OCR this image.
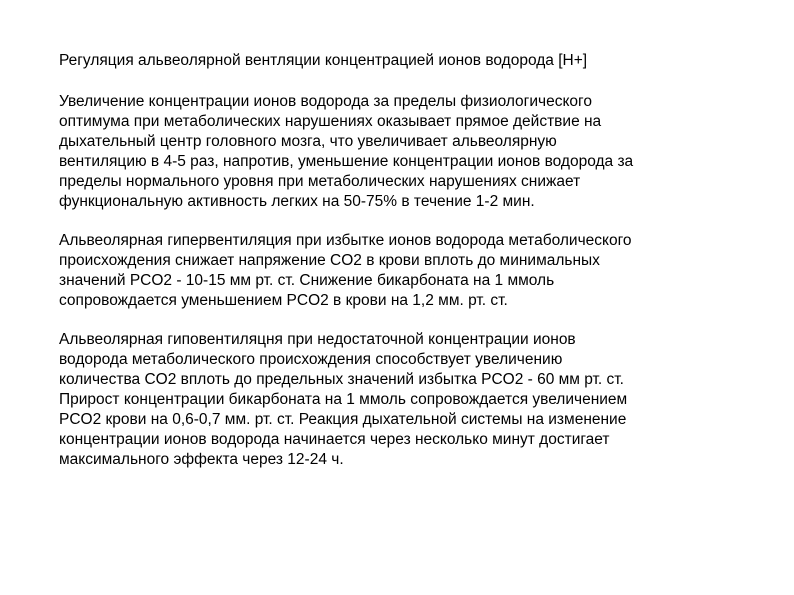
Регуляция альвеолярной вентляции концентрацией ионов водорода [H+]

Увеличение концентрации ионов водорода за пределы физиологического
оптимума при метаболических нарушениях оказывает прямое действие на
дыхательный центр головного мозга, что увеличивает альвеолярную
вентиляцию в 4-5 раз, напротив, уменьшение концентрации ионов водорода за
пределы нормального уровня при метаболических нарушениях снижает
функциональную активность легких на 50-75% в течение 1-2 мин.

Альвеолярная гипервентиляция при избытке ионов водорода метаболического
происхождения снижает напряжение CO2 в крови вплоть до минимальных
значений PCO2 - 10-15 мм рт. ст. Снижение бикарбоната на 1 ммоль
сопровождается уменьшением PCO2 в крови на 1,2 мм. рт. ст.

Альвеолярная гиповентиляцня при недостаточной концентрации ионов
водорода метаболического происхождения способствует увеличению
количества CO2 вплоть до предельных значений избытка PCO2 - 60 мм рт. ст.
Прирост концентрации бикарбоната на 1 ммоль сопровождается увеличением
PCO2 крови на 0,6-0,7 мм. рт. ст. Реакция дыхательной системы на изменение
концентрации ионов водорода начинается через несколько минут достигает
максимального эффекта через 12-24 ч.
